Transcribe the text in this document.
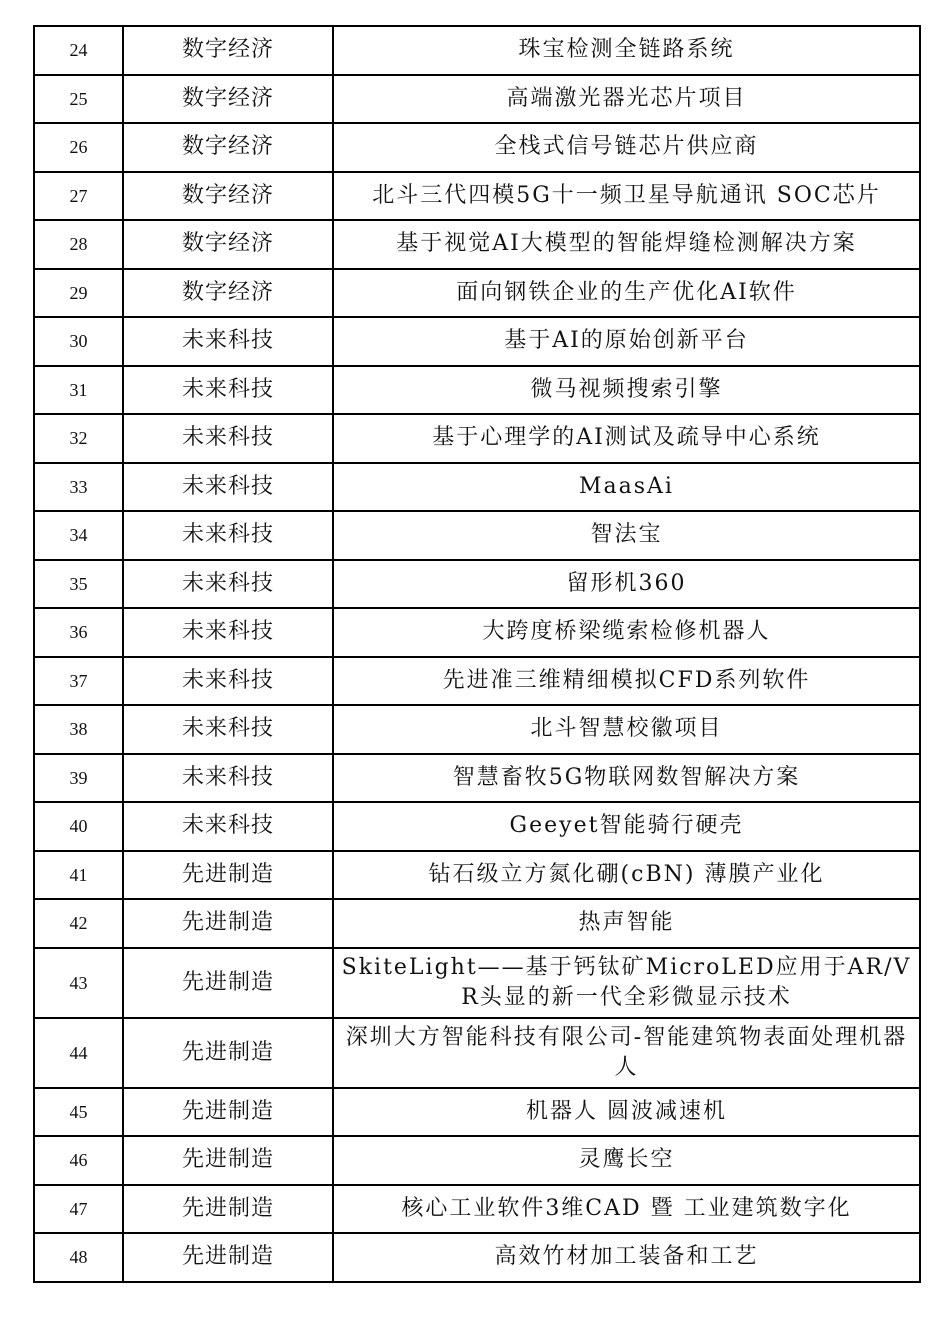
24	数字经济	珠宝检测全链路系统
25	数字经济	高端激光器光芯片项目
26	数字经济	全栈式信号链芯片供应商
27	数字经济	北斗三代四模5G十一频卫星导航通讯 SOC芯片
28	数字经济	基于视觉AI大模型的智能焊缝检测解决方案
29	数字经济	面向钢铁企业的生产优化AI软件
30	未来科技	基于AI的原始创新平台
31	未来科技	微马视频搜索引擎
32	未来科技	基于心理学的AI测试及疏导中心系统
33	未来科技	MaasAi
34	未来科技	智法宝
35	未来科技	留形机360
36	未来科技	大跨度桥梁缆索检修机器人
37	未来科技	先进准三维精细模拟CFD系列软件
38	未来科技	北斗智慧校徽项目
39	未来科技	智慧畜牧5G物联网数智解决方案
40	未来科技	Geeyet智能骑行硬壳
41	先进制造	钻石级立方氮化硼(cBN) 薄膜产业化
42	先进制造	热声智能
43	先进制造	SkiteLight——基于钙钛矿MicroLED应用于AR/VR头显的新一代全彩微显示技术
44	先进制造	深圳大方智能科技有限公司-智能建筑物表面处理机器人
45	先进制造	机器人 圆波减速机
46	先进制造	灵鹰长空
47	先进制造	核心工业软件3维CAD 暨 工业建筑数字化
48	先进制造	高效竹材加工装备和工艺
